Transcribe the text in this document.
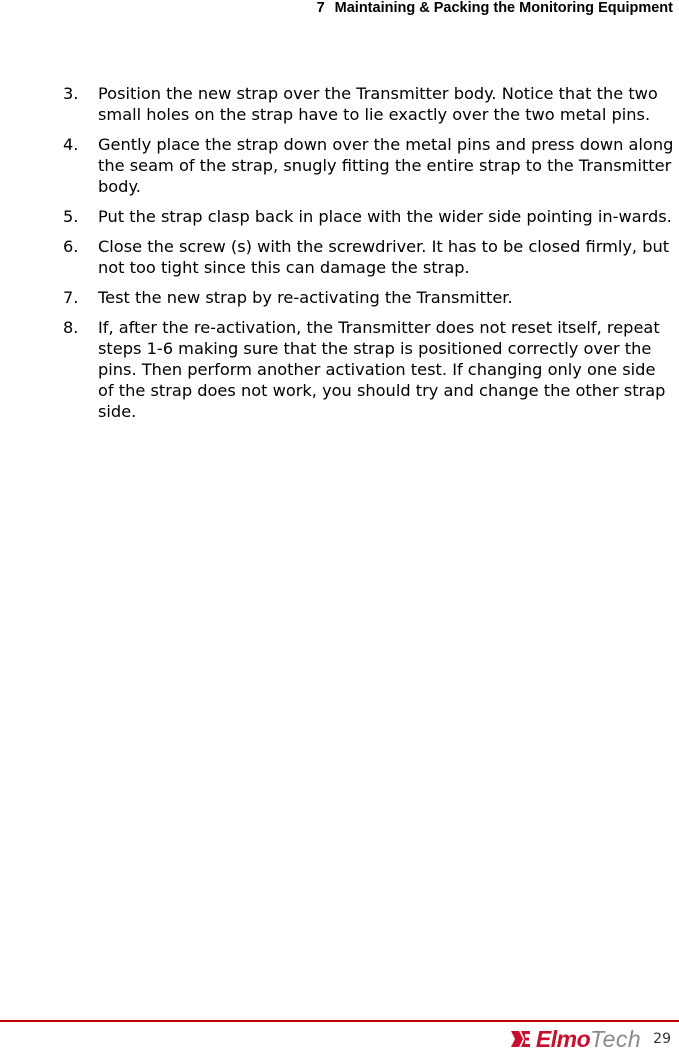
7 Maintaining & Packing the Monitoring Equipment
3. Position the new strap over the Transmitter body. Notice that the two small holes on the strap have to lie exactly over the two metal pins.
4. Gently place the strap down over the metal pins and press down along the seam of the strap, snugly fitting the entire strap to the Transmitter body.
5. Put the strap clasp back in place with the wider side pointing in-wards.
6. Close the screw (s) with the screwdriver. It has to be closed firmly, but not too tight since this can damage the strap.
7. Test the new strap by re-activating the Transmitter.
8. If, after the re-activation, the Transmitter does not reset itself, repeat steps 1-6 making sure that the strap is positioned correctly over the pins. Then perform another activation test. If changing only one side of the strap does not work, you should try and change the other strap side.
Elmo Tech 29
